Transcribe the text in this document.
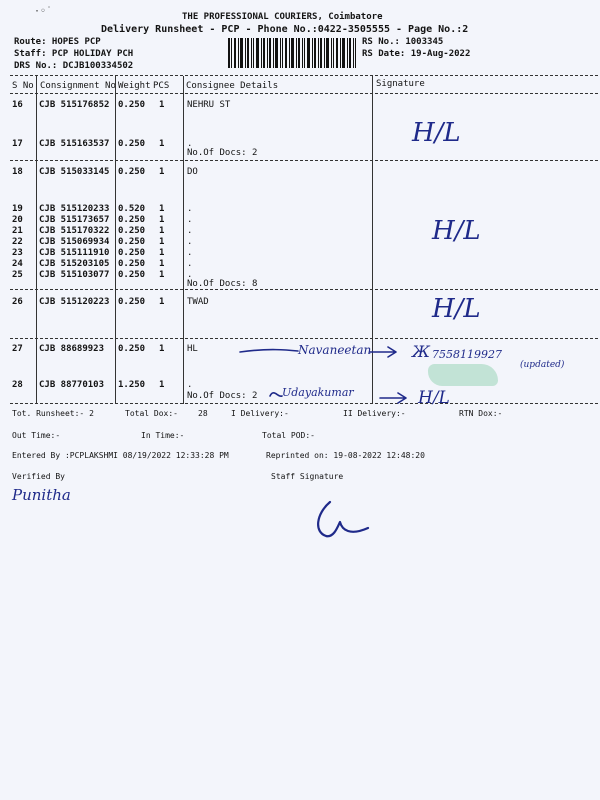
THE PROFESSIONAL COURIERS, Coimbatore
Delivery Runsheet - PCP - Phone No.:0422-3505555 - Page No.:2
Route: HOPES PCP
Staff: PCP HOLIDAY PCH
DRS No.: DCJB100334502
RS No.: 1003345
RS Date: 19-Aug-2022
·◦˙
S No Consignment No Weight PCS Consignee Details	Signature
16 CJB 515176852 0.250 1	NEHRU ST
17 CJB 515163537 0.250 1	.
No.Of Docs: 2
18 CJB 515033145 0.250 1	DO
19 CJB 515120233 0.520 1	.
20 CJB 515173657 0.250 1	.
21 CJB 515170322 0.250 1	.
22 CJB 515069934 0.250 1	.
23 CJB 515111910 0.250 1	.
24 CJB 515203105 0.250 1	.
25 CJB 515103077 0.250 1	.
No.Of Docs: 8
26 CJB 515120223 0.250 1	TWAD
27 CJB 88689923 0.250 1	HL
28 CJB 88770103 1.250 1	.
No.Of Docs: 2
H/L
H/L
H/L
H/L
Navaneetan	Ж 7558119927
(updated)
Udayakumar
Tot. Runsheet:- 2	Total Dox:-	28	I Delivery:-	II Delivery:-	RTN Dox:-
Out Time:-	In Time:-	Total POD:-
Entered By :PCPLAKSHMI 08/19/2022 12:33:28 PM	Reprinted on: 19-08-2022 12:48:20
Verified By	Staff Signature
Punitha
